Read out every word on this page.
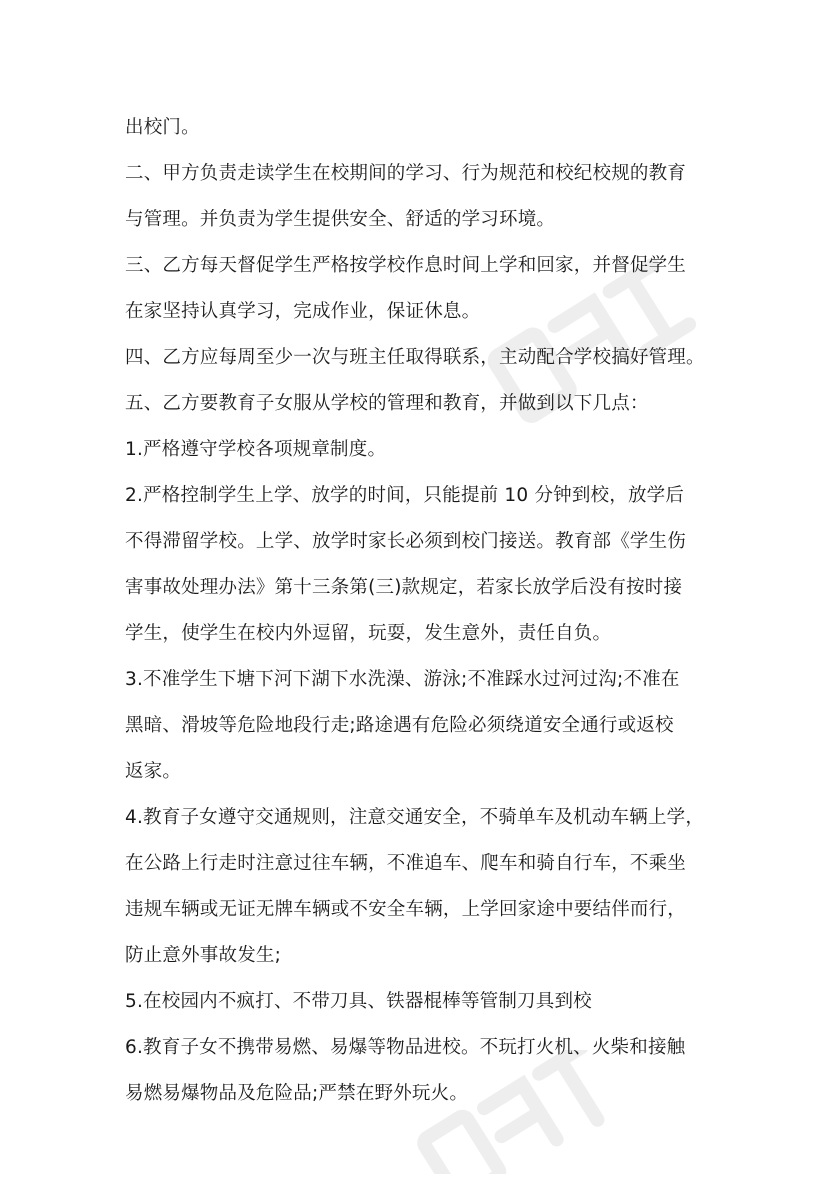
出校门。

二、甲方负责走读学生在校期间的学习、行为规范和校纪校规的教育
与管理。并负责为学生提供安全、舒适的学习环境。

三、乙方每天督促学生严格按学校作息时间上学和回家，并督促学生
在家坚持认真学习，完成作业，保证休息。

四、乙方应每周至少一次与班主任取得联系，主动配合学校搞好管理。

五、乙方要教育子女服从学校的管理和教育，并做到以下几点：

1.严格遵守学校各项规章制度。

2.严格控制学生上学、放学的时间，只能提前 10 分钟到校，放学后
不得滞留学校。上学、放学时家长必须到校门接送。教育部《学生伤
害事故处理办法》第十三条第(三)款规定，若家长放学后没有按时接
学生，使学生在校内外逗留，玩耍，发生意外，责任自负。

3.不准学生下塘下河下湖下水洗澡、游泳;不准踩水过河过沟;不准在
黑暗、滑坡等危险地段行走;路途遇有危险必须绕道安全通行或返校
返家。

4.教育子女遵守交通规则，注意交通安全，不骑单车及机动车辆上学，
在公路上行走时注意过往车辆，不准追车、爬车和骑自行车，不乘坐
违规车辆或无证无牌车辆或不安全车辆，上学回家途中要结伴而行，
防止意外事故发生;

5.在校园内不疯打、不带刀具、铁器棍棒等管制刀具到校

6.教育子女不携带易燃、易爆等物品进校。不玩打火机、火柴和接触
易燃易爆物品及危险品;严禁在野外玩火。
